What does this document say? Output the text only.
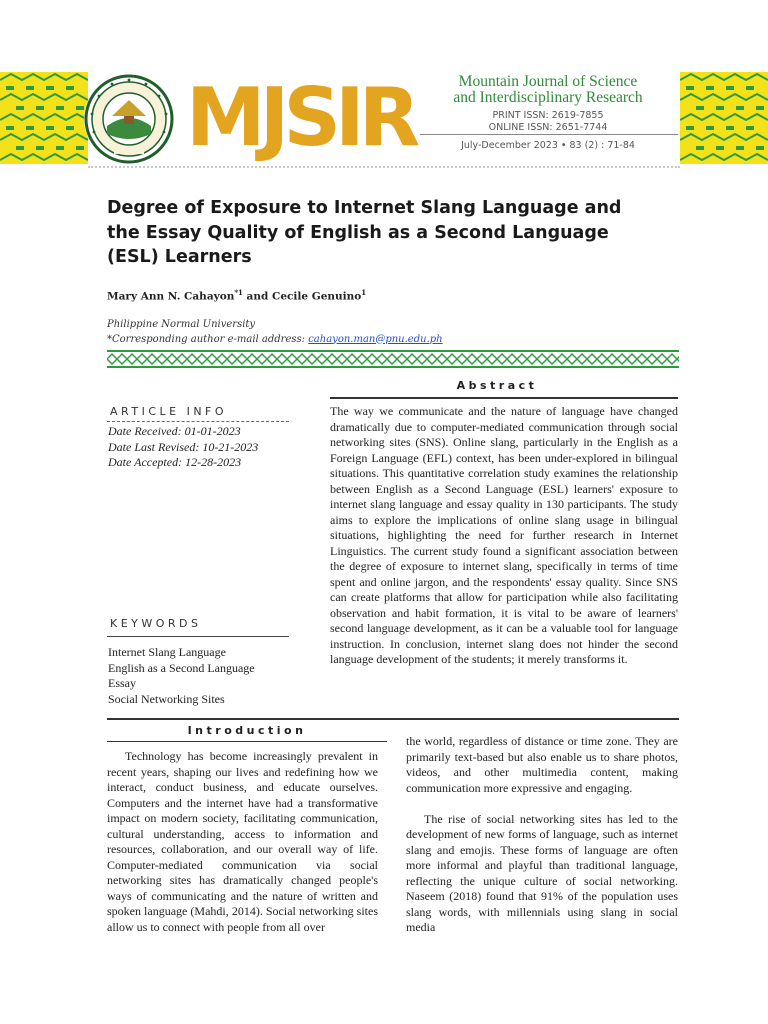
MJSIR	Mountain Journal of Science
and Interdisciplinary Research
PRINT ISSN: 2619-7855
ONLINE ISSN: 2651-7744
July-December 2023 • 83 (2) : 71-84
Degree of Exposure to Internet Slang Language and the Essay Quality of English as a Second Language (ESL) Learners
Mary Ann N. Cahayon$^{*1}$ and Cecile Genuino$^1$
Philippine Normal University
*Corresponding author e-mail address: cahayon.man@pnu.edu.ph
Abstract

The way we communicate and the nature of language have changed dramatically due to computer-mediated communication through social networking sites (SNS). Online slang, particularly in the English as a Foreign Language (EFL) context, has been under-explored in bilingual situations. This quantitative correlation study examines the relationship between English as a Second Language (ESL) learners' exposure to internet slang language and essay quality in 130 participants. The study aims to explore the implications of online slang usage in bilingual situations, highlighting the need for further research in Internet Linguistics. The current study found a significant association between the degree of exposure to internet slang, specifically in terms of time spent and online jargon, and the respondents' essay quality. Since SNS can create platforms that allow for participation while also facilitating observation and habit formation, it is vital to be aware of learners' second language development, as it can be a valuable tool for language instruction. In conclusion, internet slang does not hinder the second language development of the students; it merely transforms it.

ARTICLE INFO
Date Received: 01-01-2023
Date Last Revised: 10-21-2023
Date Accepted: 12-28-2023
KEYWORDS
Internet Slang Language
English as a Second Language
Essay
Social Networking Sites
Introduction

Technology has become increasingly prevalent in recent years, shaping our lives and redefining how we interact, conduct business, and educate ourselves. Computers and the internet have had a transformative impact on modern society, facilitating communication, cultural understanding, access to information and resources, collaboration, and our overall way of life. Computer-mediated communication via social networking sites has dramatically changed people's ways of communicating and the nature of written and spoken language (Mahdi, 2014). Social networking sites allow us to connect with people from all over

the world, regardless of distance or time zone. They are primarily text-based but also enable us to share photos, videos, and other multimedia content, making communication more expressive and engaging.

The rise of social networking sites has led to the development of new forms of language, such as internet slang and emojis. These forms of language are often more informal and playful than traditional language, reflecting the unique culture of social networking. Naseem (2018) found that 91% of the population uses slang words, with millennials using slang in social media
